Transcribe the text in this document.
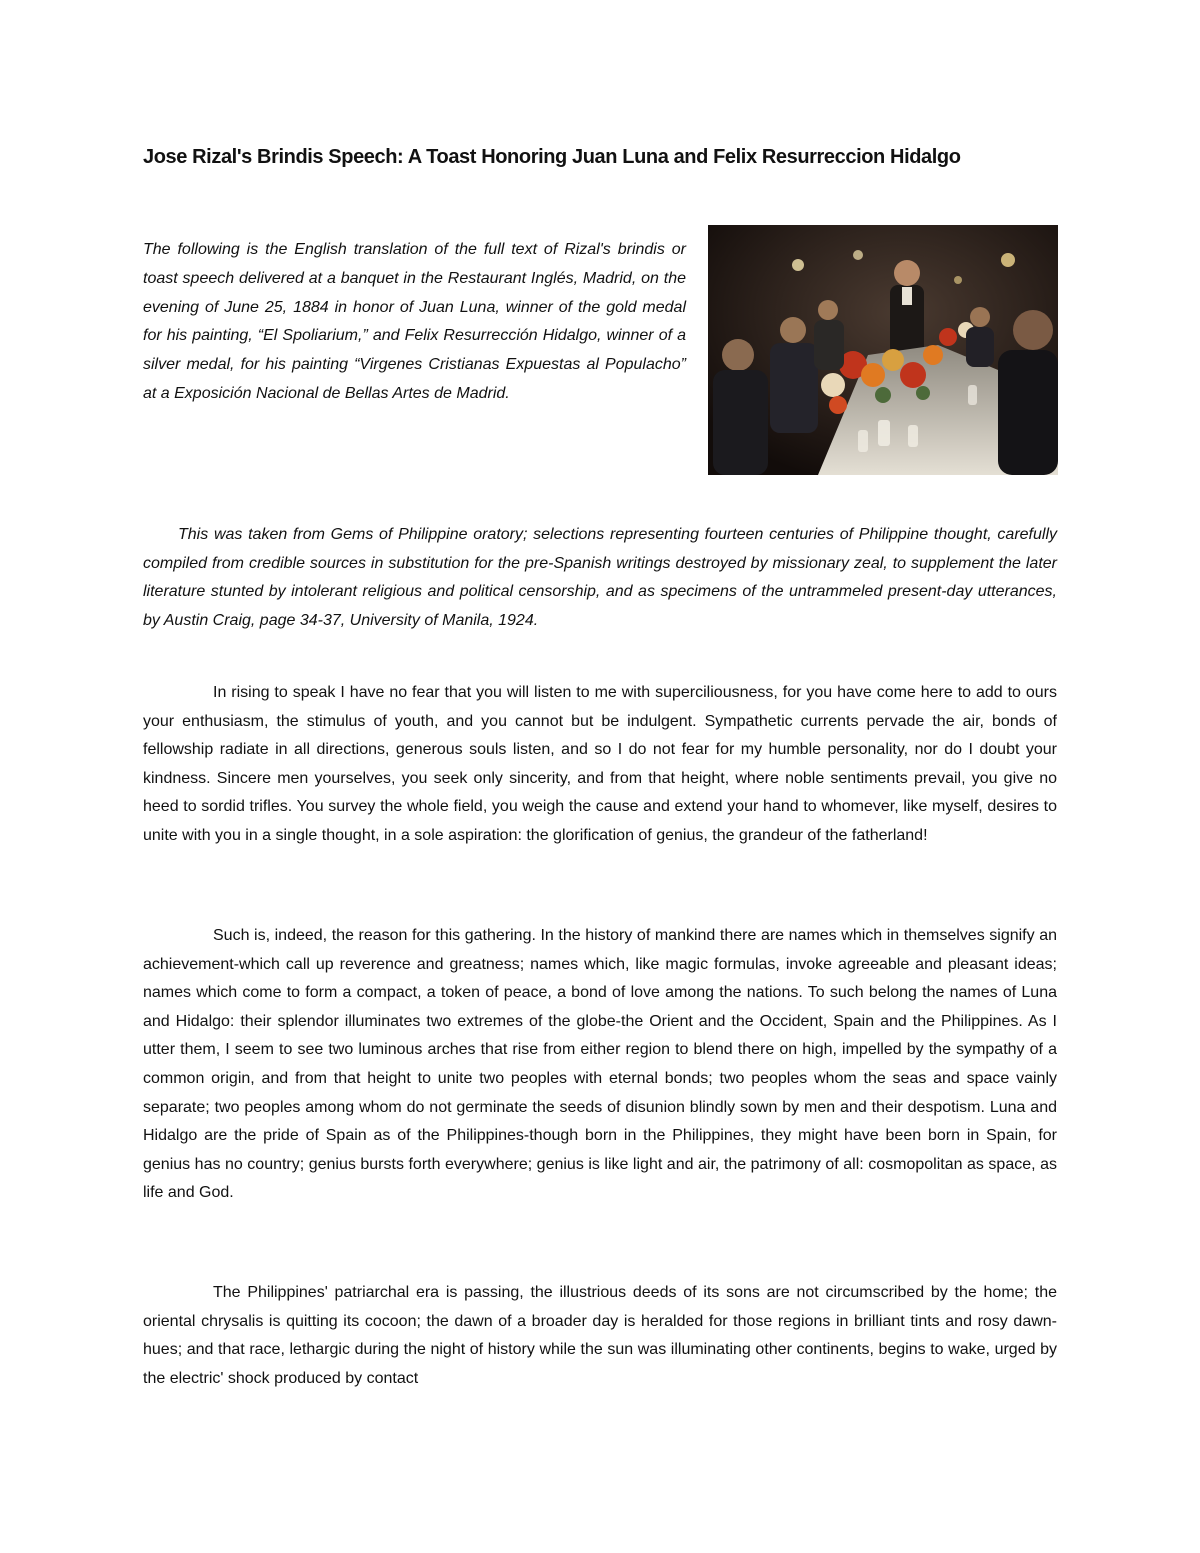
Jose Rizal's Brindis Speech: A Toast Honoring Juan Luna and Felix Resurreccion Hidalgo

The following is the English translation of the full text of Rizal's brindis or toast speech delivered at a banquet in the Restaurant Inglés, Madrid, on the evening of June 25, 1884 in honor of Juan Luna, winner of the gold medal for his painting, “El Spoliarium,” and Felix Resurrección Hidalgo, winner of a silver medal, for his painting “Virgenes Cristianas Expuestas al Populacho” at a Exposición Nacional de Bellas Artes de Madrid.

This was taken from Gems of Philippine oratory; selections representing fourteen centuries of Philippine thought, carefully compiled from credible sources in substitution for the pre-Spanish writings destroyed by missionary zeal, to supplement the later literature stunted by intolerant religious and political censorship, and as specimens of the untrammeled present-day utterances, by Austin Craig, page 34-37, University of Manila, 1924.

In rising to speak I have no fear that you will listen to me with superciliousness, for you have come here to add to ours your enthusiasm, the stimulus of youth, and you cannot but be indulgent. Sympathetic currents pervade the air, bonds of fellowship radiate in all directions, generous souls listen, and so I do not fear for my humble personality, nor do I doubt your kindness. Sincere men yourselves, you seek only sincerity, and from that height, where noble sentiments prevail, you give no heed to sordid trifles. You survey the whole field, you weigh the cause and extend your hand to whomever, like myself, desires to unite with you in a single thought, in a sole aspiration: the glorification of genius, the grandeur of the fatherland!

Such is, indeed, the reason for this gathering. In the history of mankind there are names which in themselves signify an achievement-which call up reverence and greatness; names which, like magic formulas, invoke agreeable and pleasant ideas; names which come to form a compact, a token of peace, a bond of love among the nations. To such belong the names of Luna and Hidalgo: their splendor illuminates two extremes of the globe-the Orient and the Occident, Spain and the Philippines. As I utter them, I seem to see two luminous arches that rise from either region to blend there on high, impelled by the sympathy of a common origin, and from that height to unite two peoples with eternal bonds; two peoples whom the seas and space vainly separate; two peoples among whom do not germinate the seeds of disunion blindly sown by men and their despotism. Luna and Hidalgo are the pride of Spain as of the Philippines-though born in the Philippines, they might have been born in Spain, for genius has no country; genius bursts forth everywhere; genius is like light and air, the patrimony of all: cosmopolitan as space, as life and God.

The Philippines' patriarchal era is passing, the illustrious deeds of its sons are not circumscribed by the home; the oriental chrysalis is quitting its cocoon; the dawn of a broader day is heralded for those regions in brilliant tints and rosy dawn-hues; and that race, lethargic during the night of history while the sun was illuminating other continents, begins to wake, urged by the electric' shock produced by contact
